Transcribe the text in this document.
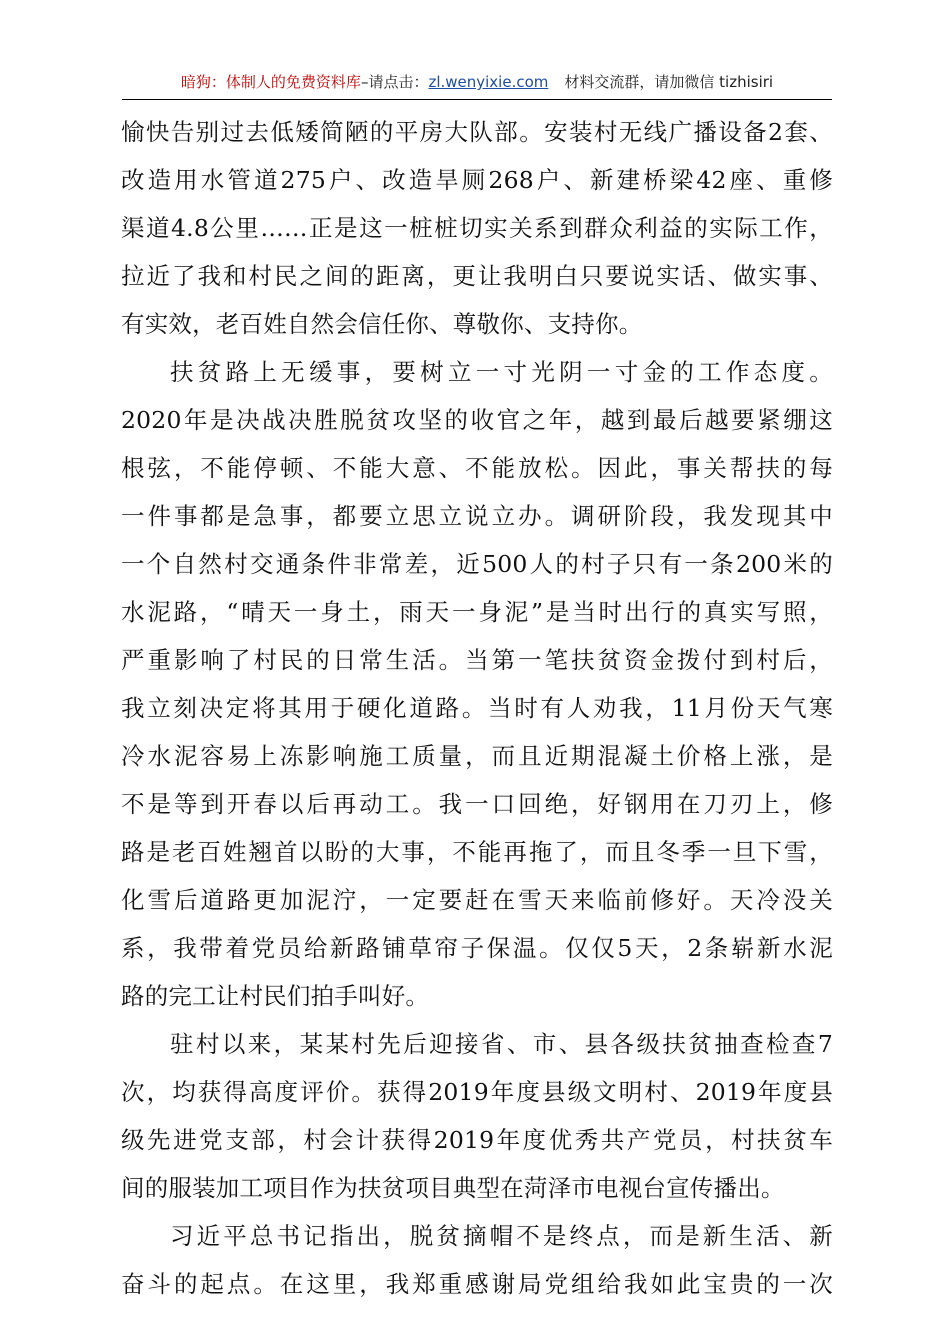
暗狗：体制人的免费资料库–请点击：zl.wenyixie.com 材料交流群，请加微信 tizhisiri
愉快告别过去低矮简陋的平房大队部。安装村无线广播设备2套、
改造用水管道275户、改造旱厕268户、新建桥梁42座、重修
渠道4.8公里……正是这一桩桩切实关系到群众利益的实际工作，
拉近了我和村民之间的距离，更让我明白只要说实话、做实事、
有实效，老百姓自然会信任你、尊敬你、支持你。
扶贫路上无缓事，要树立一寸光阴一寸金的工作态度。
2020年是决战决胜脱贫攻坚的收官之年，越到最后越要紧绷这
根弦，不能停顿、不能大意、不能放松。因此，事关帮扶的每
一件事都是急事，都要立思立说立办。调研阶段，我发现其中
一个自然村交通条件非常差，近500人的村子只有一条200米的
水泥路，“晴天一身土，雨天一身泥”是当时出行的真实写照，
严重影响了村民的日常生活。当第一笔扶贫资金拨付到村后，
我立刻决定将其用于硬化道路。当时有人劝我，11月份天气寒
冷水泥容易上冻影响施工质量，而且近期混凝土价格上涨，是
不是等到开春以后再动工。我一口回绝，好钢用在刀刃上，修
路是老百姓翘首以盼的大事，不能再拖了，而且冬季一旦下雪，
化雪后道路更加泥泞，一定要赶在雪天来临前修好。天冷没关
系，我带着党员给新路铺草帘子保温。仅仅5天，2条崭新水泥
路的完工让村民们拍手叫好。
驻村以来，某某村先后迎接省、市、县各级扶贫抽查检查7
次，均获得高度评价。获得2019年度县级文明村、2019年度县
级先进党支部，村会计获得2019年度优秀共产党员，村扶贫车
间的服装加工项目作为扶贫项目典型在菏泽市电视台宣传播出。
习近平总书记指出，脱贫摘帽不是终点，而是新生活、新
奋斗的起点。在这里，我郑重感谢局党组给我如此宝贵的一次
